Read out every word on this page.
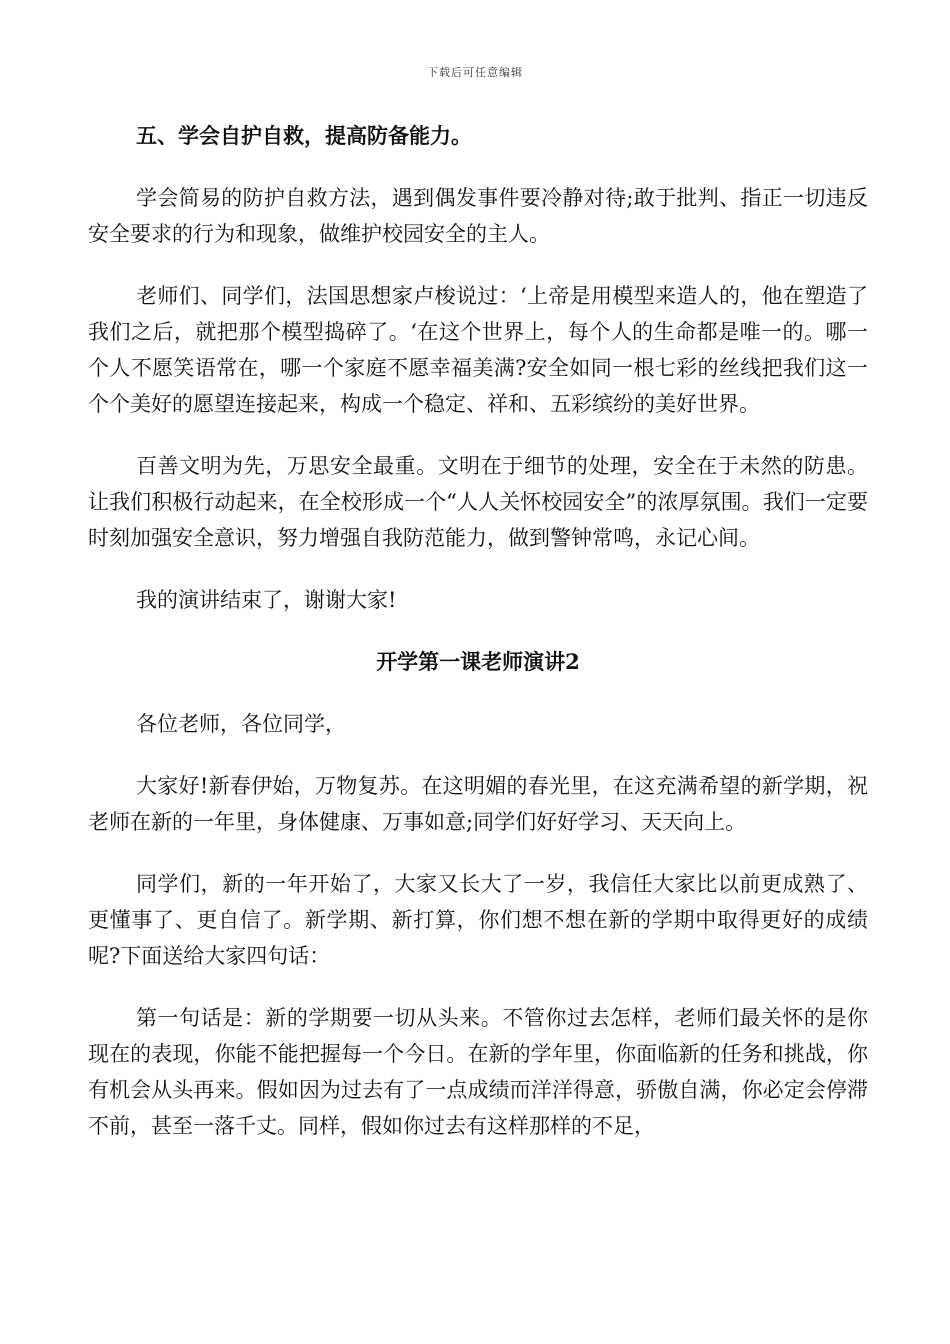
下载后可任意编辑

五、学会自护自救，提高防备能力。

学会简易的防护自救方法，遇到偶发事件要冷静对待;敢于批判、指正一切违反安全要求的行为和现象，做维护校园安全的主人。

老师们、同学们，法国思想家卢梭说过：‘上帝是用模型来造人的，他在塑造了我们之后，就把那个模型捣碎了。‘在这个世界上，每个人的生命都是唯一的。哪一个人不愿笑语常在，哪一个家庭不愿幸福美满?安全如同一根七彩的丝线把我们这一个个美好的愿望连接起来，构成一个稳定、祥和、五彩缤纷的美好世界。

百善文明为先，万思安全最重。文明在于细节的处理，安全在于未然的防患。让我们积极行动起来，在全校形成一个“人人关怀校园安全”的浓厚氛围。我们一定要时刻加强安全意识，努力增强自我防范能力，做到警钟常鸣，永记心间。

我的演讲结束了，谢谢大家!

开学第一课老师演讲2

各位老师，各位同学，

大家好!新春伊始，万物复苏。在这明媚的春光里，在这充满希望的新学期，祝老师在新的一年里，身体健康、万事如意;同学们好好学习、天天向上。

同学们，新的一年开始了，大家又长大了一岁，我信任大家比以前更成熟了、更懂事了、更自信了。新学期、新打算，你们想不想在新的学期中取得更好的成绩呢?下面送给大家四句话：

第一句话是：新的学期要一切从头来。不管你过去怎样，老师们最关怀的是你现在的表现，你能不能把握每一个今日。在新的学年里，你面临新的任务和挑战，你有机会从头再来。假如因为过去有了一点成绩而洋洋得意，骄傲自满，你必定会停滞不前，甚至一落千丈。同样，假如你过去有这样那样的不足，
